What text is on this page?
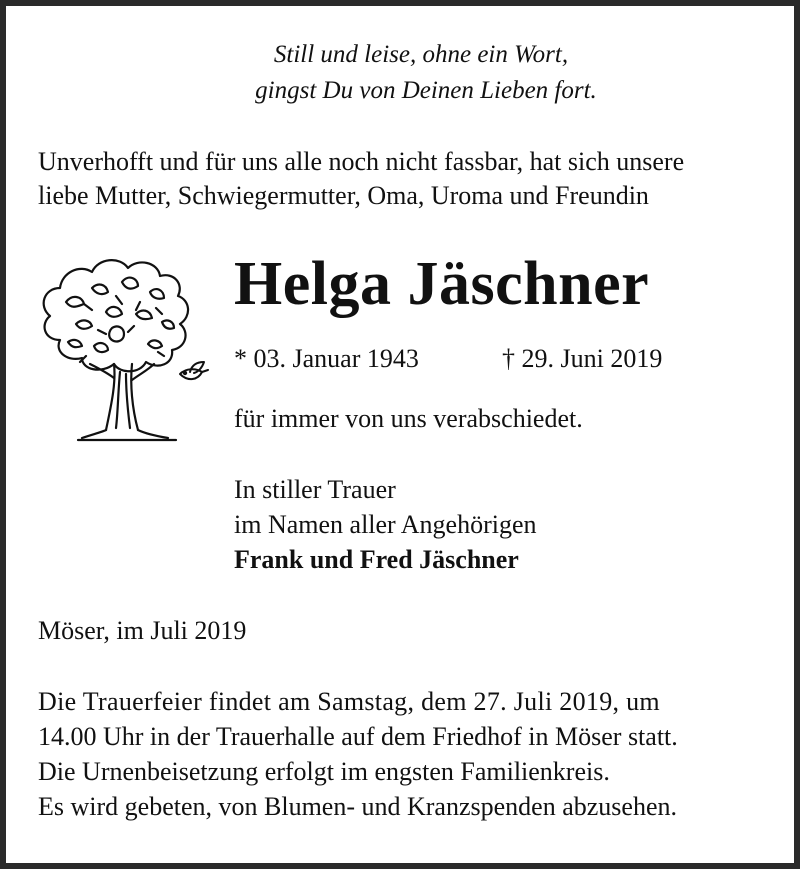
Still und leise, ohne ein Wort,
gingst Du von Deinen Lieben fort.
Unverhofft und für uns alle noch nicht fassbar, hat sich unsere
liebe Mutter, Schwiegermutter, Oma, Uroma und Freundin
Helga Jäschner
* 03. Januar 1943	† 29. Juni 2019
für immer von uns verabschiedet.
In stiller Trauer
im Namen aller Angehörigen
Frank und Fred Jäschner
Möser, im Juli 2019
Die Trauerfeier findet am Samstag, dem 27. Juli 2019, um
14.00 Uhr in der Trauerhalle auf dem Friedhof in Möser statt.
Die Urnenbeisetzung erfolgt im engsten Familienkreis.
Es wird gebeten, von Blumen- und Kranzspenden abzusehen.
